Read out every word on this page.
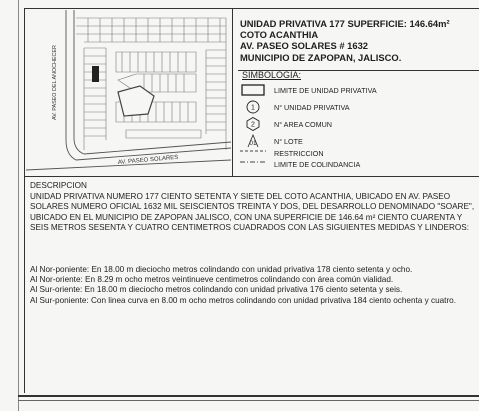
AV. PASEO DEL ANOCHECER
AV. PASEO SOLARES
UNIDAD PRIVATIVA 177 SUPERFICIE: 146.64m²
COTO ACANTHIA
AV. PASEO SOLARES # 1632
MUNICIPIO DE ZAPOPAN, JALISCO.
SIMBOLOGIA:
LIMITE DE UNIDAD PRIVATIVA
1	N° UNIDAD PRIVATIVA
2	N° AREA COMUN
01 N° LOTE
RESTRICCION
LIMITE DE COLINDANCIA
DESCRIPCION
UNIDAD PRIVATIVA NUMERO 177 CIENTO SETENTA Y SIETE DEL COTO ACANTHIA, UBICADO EN AV. PASEO SOLARES NUMERO OFICIAL 1632 MIL SEISCIENTOS TREINTA Y DOS, DEL DESARROLLO DENOMINADO "SOARE", UBICADO EN EL MUNICIPIO DE ZAPOPAN JALISCO, CON UNA SUPERFICIE DE 146.64 m² CIENTO CUARENTA Y SEIS METROS SESENTA Y CUATRO CENTIMETROS CUADRADOS CON LAS SIGUIENTES MEDIDAS Y LINDEROS:

Al Nor-poniente: En 18.00 m dieciocho metros colindando con unidad privativa 178 ciento setenta y ocho.

Al Nor-oriente: En 8.29 m ocho metros veintinueve centimetros colindando con área común vialidad.

Al Sur-oriente: En 18.00 m dieciocho metros colindando con unidad privativa 176 ciento setenta y seis.

Al Sur-poniente: Con linea curva en 8.00 m ocho metros colindando con unidad privativa 184 ciento ochenta y cuatro.
